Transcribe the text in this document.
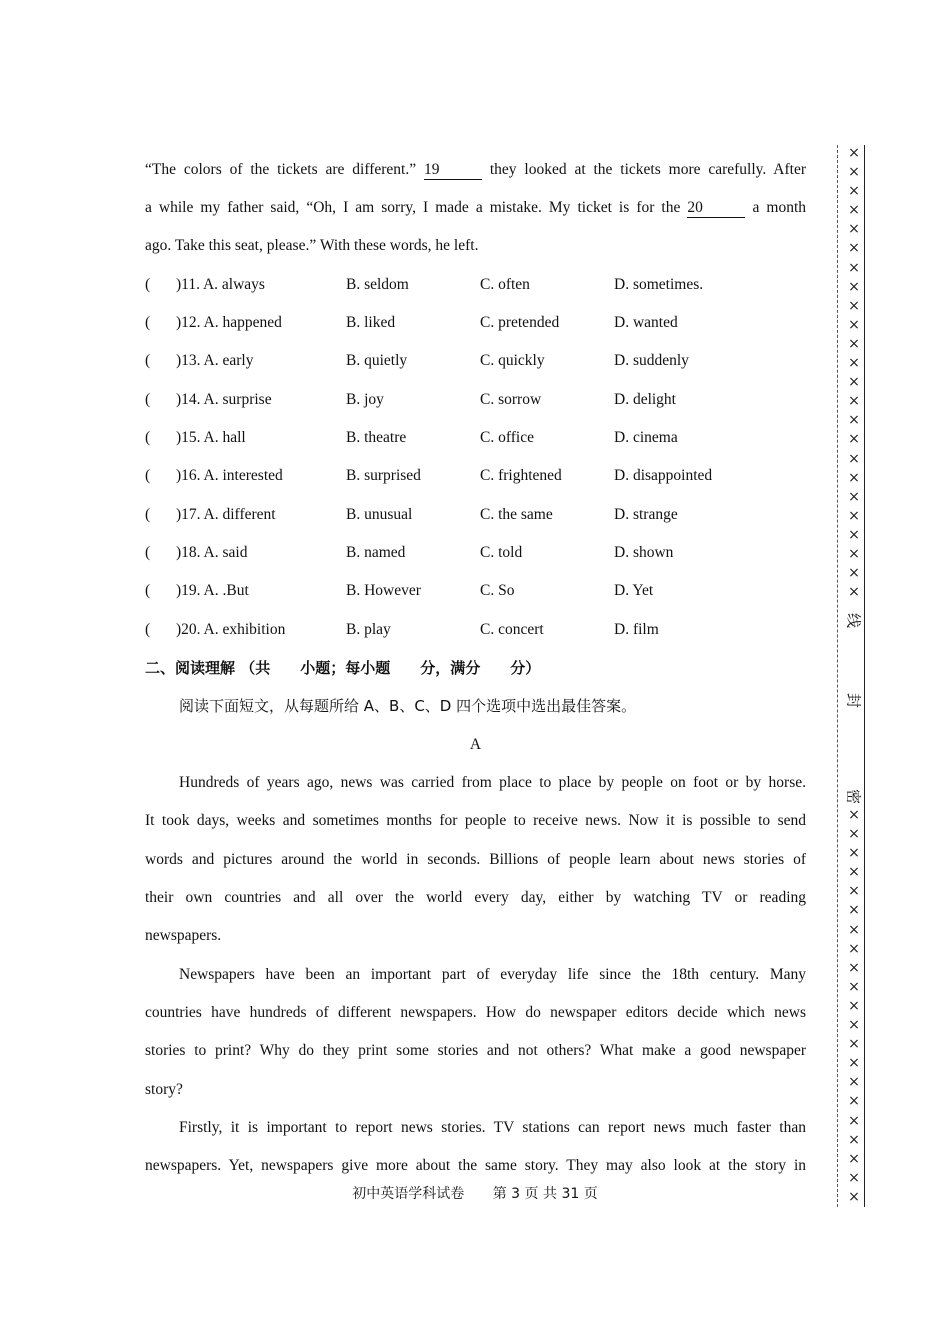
“The colors of the tickets are different.” 19	they looked at the tickets more carefully. After
a while my father said, “Oh, I am sorry, I made a mistake. My ticket is for the 20	a month
ago. Take this seat, please.” With these words, he left.
( )11. A. always	B. seldom	C. often	D. sometimes.
( )12. A. happened	B. liked	C. pretended	D. wanted
( )13. A. early	B. quietly	C. quickly	D. suddenly
( )14. A. surprise	B. joy	C. sorrow	D. delight
( )15. A. hall	B. theatre	C. office	D. cinema
( )16. A. interested	B. surprised	C. frightened	D. disappointed
( )17. A. different	B. unusual	C. the same	D. strange
( )18. A. said	B. named	C. told	D. shown
( )19. A. .But	B. However	C. So	D. Yet
( )20. A. exhibition	B. play	C. concert	D. film
二、阅读理解 （共　　小题；每小题　　分，满分　　分）
阅读下面短文，从每题所给 A、B、C、D 四个选项中选出最佳答案。
A
Hundreds of years ago, news was carried from place to place by people on foot or by horse.
It took days, weeks and sometimes months for people to receive news. Now it is possible to send
words and pictures around the world in seconds. Billions of people learn about news stories of
their own countries and all over the world every day, either by watching TV or reading
newspapers.
Newspapers have been an important part of everyday life since the 18th century. Many
countries have hundreds of different newspapers. How do newspaper editors decide which news
stories to print? Why do they print some stories and not others? What make a good newspaper
story?
Firstly, it is important to report news stories. TV stations can report news much faster than
newspapers. Yet, newspapers give more about the same story. They may also look at the story in
初中英语学科试卷 第 3 页 共 31 页
×
×
×
×
×
×
×
×
×
×
×
×
×
×
×
×
×
×
×
×
×
×
×
×
线
封
密
×
×
×
×
×
×
×
×
×
×
×
×
×
×
×
×
×
×
×
×
×
